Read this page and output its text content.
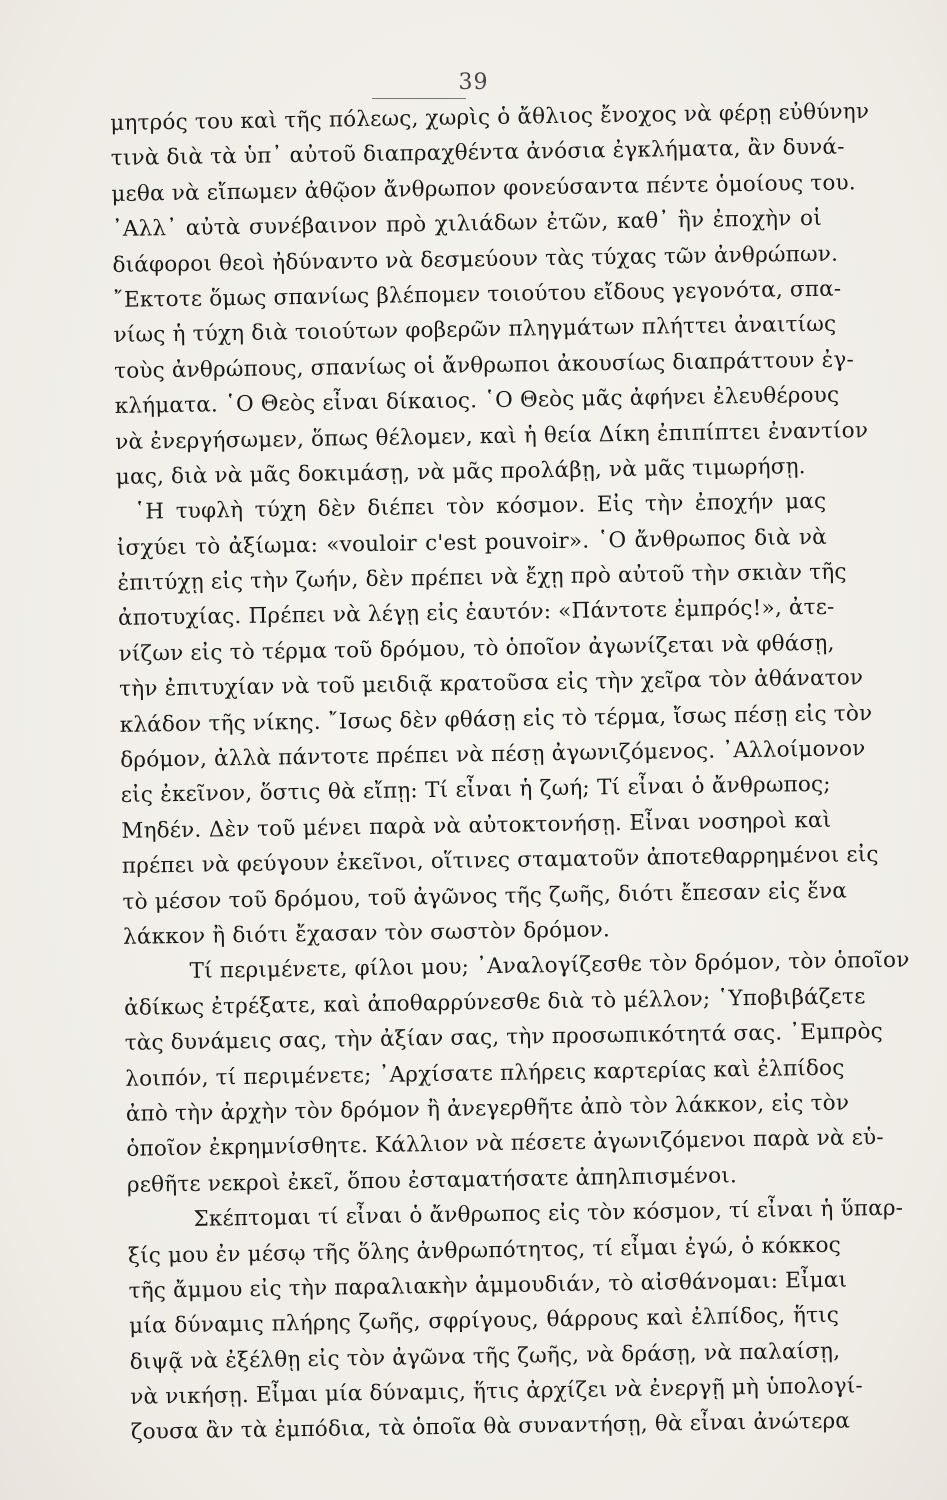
39
μητρός του καὶ τῆς πόλεως, χωρὶς ὁ ἄθλιος ἔνοχος νὰ φέρῃ εὐθύνην
τινὰ διὰ τὰ ὑπ᾿ αὐτοῦ διαπραχθέντα ἀνόσια ἐγκλήματα, ἂν δυνά-
μεθα νὰ εἴπωμεν ἀθῷον ἄνθρωπον φονεύσαντα πέντε ὁμοίους του.
᾿Αλλ᾿ αὐτὰ συνέβαινον πρὸ χιλιάδων ἐτῶν, καθ᾿ ἣν ἐποχὴν οἱ
διάφοροι θεοὶ ἠδύναντο νὰ δεσμεύουν τὰς τύχας τῶν ἀνθρώπων.
῎Εκτοτε ὅμως σπανίως βλέπομεν τοιούτου εἴδους γεγονότα, σπα-
νίως ἡ τύχη διὰ τοιούτων φοβερῶν πληγμάτων πλήττει ἀναιτίως
τοὺς ἀνθρώπους, σπανίως οἱ ἄνθρωποι ἀκουσίως διαπράττουν ἐγ-
κλήματα. ῾Ο Θεὸς εἶναι δίκαιος. ῾Ο Θεὸς μᾶς ἀφήνει ἐλευθέρους
νὰ ἐνεργήσωμεν, ὅπως θέλομεν, καὶ ἡ θεία Δίκη ἐπιπίπτει ἐναντίον
μας, διὰ νὰ μᾶς δοκιμάσῃ, νὰ μᾶς προλάβῃ, νὰ μᾶς τιμωρήσῃ.
῾Η τυφλὴ τύχη δὲν διέπει τὸν κόσμον. Εἰς τὴν ἐποχήν μας
ἰσχύει τὸ ἀξίωμα: «vouloir c'est pouvoir». ῾Ο ἄνθρωπος διὰ νὰ
ἐπιτύχῃ εἰς τὴν ζωήν, δὲν πρέπει νὰ ἔχῃ πρὸ αὐτοῦ τὴν σκιὰν τῆς
ἀποτυχίας. Πρέπει νὰ λέγῃ εἰς ἑαυτόν: «Πάντοτε ἐμπρός!», ἀτε-
νίζων εἰς τὸ τέρμα τοῦ δρόμου, τὸ ὁποῖον ἀγωνίζεται νὰ φθάσῃ,
τὴν ἐπιτυχίαν νὰ τοῦ μειδιᾷ κρατοῦσα εἰς τὴν χεῖρα τὸν ἀθάνατον
κλάδον τῆς νίκης. ῎Ισως δὲν φθάσῃ εἰς τὸ τέρμα, ἴσως πέσῃ εἰς τὸν
δρόμον, ἀλλὰ πάντοτε πρέπει νὰ πέσῃ ἀγωνιζόμενος. ᾿Αλλοίμονον
εἰς ἐκεῖνον, ὅστις θὰ εἴπῃ: Τί εἶναι ἡ ζωή; Τί εἶναι ὁ ἄνθρωπος;
Μηδέν. Δὲν τοῦ μένει παρὰ νὰ αὐτοκτονήσῃ. Εἶναι νοσηροὶ καὶ
πρέπει νὰ φεύγουν ἐκεῖνοι, οἵτινες σταματοῦν ἀποτεθαρρημένοι εἰς
τὸ μέσον τοῦ δρόμου, τοῦ ἀγῶνος τῆς ζωῆς, διότι ἔπεσαν εἰς ἕνα
λάκκον ἢ διότι ἔχασαν τὸν σωστὸν δρόμον.
Τί περιμένετε, φίλοι μου; ᾿Αναλογίζεσθε τὸν δρόμον, τὸν ὁποῖον
ἀδίκως ἐτρέξατε, καὶ ἀποθαρρύνεσθε διὰ τὸ μέλλον; ῾Υποβιβάζετε
τὰς δυνάμεις σας, τὴν ἀξίαν σας, τὴν προσωπικότητά σας. ᾿Εμπρὸς
λοιπόν, τί περιμένετε; ᾿Αρχίσατε πλήρεις καρτερίας καὶ ἐλπίδος
ἀπὸ τὴν ἀρχὴν τὸν δρόμον ἢ ἀνεγερθῆτε ἀπὸ τὸν λάκκον, εἰς τὸν
ὁποῖον ἐκρημνίσθητε. Κάλλιον νὰ πέσετε ἀγωνιζόμενοι παρὰ νὰ εὑ-
ρεθῆτε νεκροὶ ἐκεῖ, ὅπου ἐσταματήσατε ἀπηλπισμένοι.
Σκέπτομαι τί εἶναι ὁ ἄνθρωπος εἰς τὸν κόσμον, τί εἶναι ἡ ὕπαρ-
ξίς μου ἐν μέσῳ τῆς ὅλης ἀνθρωπότητος, τί εἶμαι ἐγώ, ὁ κόκκος
τῆς ἄμμου εἰς τὴν παραλιακὴν ἀμμουδιάν, τὸ αἰσθάνομαι: Εἶμαι
μία δύναμις πλήρης ζωῆς, σφρίγους, θάρρους καὶ ἐλπίδος, ἥτις
διψᾷ νὰ ἐξέλθῃ εἰς τὸν ἀγῶνα τῆς ζωῆς, νὰ δράσῃ, νὰ παλαίσῃ,
νὰ νικήσῃ. Εἶμαι μία δύναμις, ἥτις ἀρχίζει νὰ ἐνεργῇ μὴ ὑπολογί-
ζουσα ἂν τὰ ἐμπόδια, τὰ ὁποῖα θὰ συναντήσῃ, θὰ εἶναι ἀνώτερα
